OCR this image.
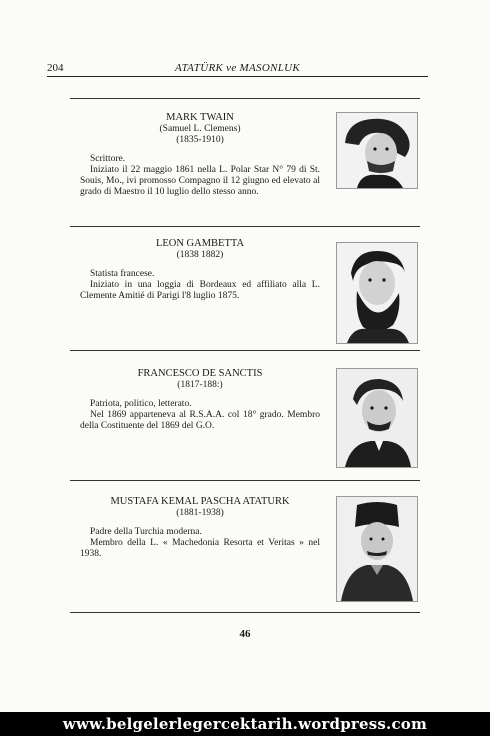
204	ATATÜRK ve MASONLUK

MARK TWAIN

(Samuel L. Clemens)

(1835-1910)

Scrittore.

Iniziato il 22 maggio 1861 nella L. Polar Star N° 79 di St. Souis, Mo., ivi promosso Compagno il 12 giugno ed elevato al grado di Maestro il 10 luglio dello stesso anno.

LEON GAMBETTA

(1838 1882)

Statista francese.

Iniziato in una loggia di Bordeaux ed affiliato alla L. Clemente Amitié di Parigi l'8 luglio 1875.

FRANCESCO DE SANCTIS

(1817-188:)

Patriota, politico, letterato.

Nel 1869 apparteneva al R.S.A.A. col 18° grado. Membro della Costituente del 1869 del G.O.

MUSTAFA KEMAL PASCHA ATATURK

(1881-1938)

Padre della Turchia moderna.

Membro della L. « Machedonia Resorta et Veritas » nel 1938.

46
www.belgelerlegercektarih.wordpress.com
